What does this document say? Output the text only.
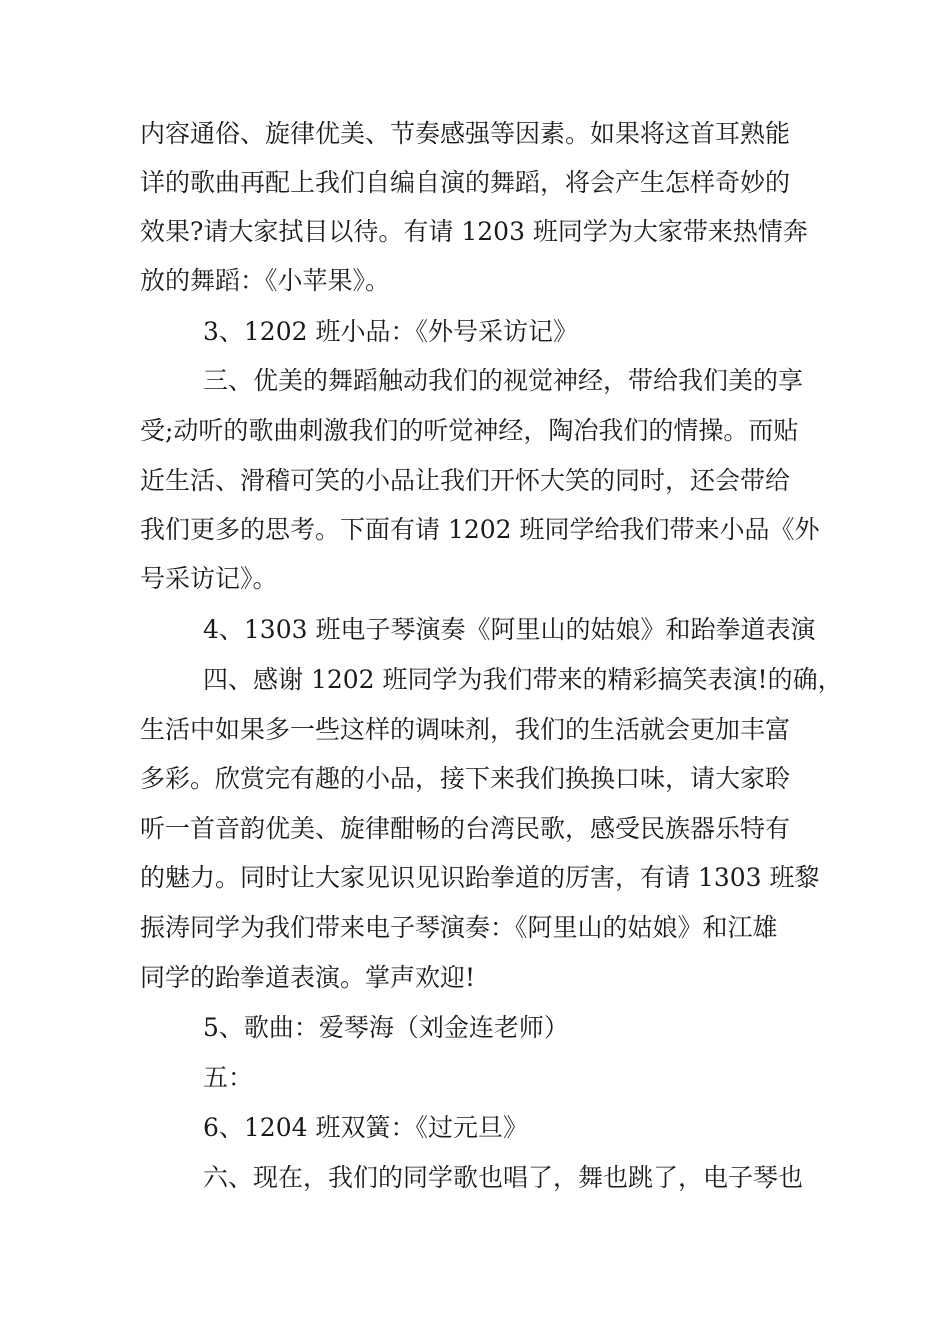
内容通俗、旋律优美、节奏感强等因素。如果将这首耳熟能
详的歌曲再配上我们自编自演的舞蹈，将会产生怎样奇妙的
效果?请大家拭目以待。有请 1203 班同学为大家带来热情奔
放的舞蹈：《小苹果》。
3、1202 班小品：《外号采访记》
三、优美的舞蹈触动我们的视觉神经，带给我们美的享
受;动听的歌曲刺激我们的听觉神经，陶冶我们的情操。而贴
近生活、滑稽可笑的小品让我们开怀大笑的同时，还会带给
我们更多的思考。下面有请 1202 班同学给我们带来小品《外
号采访记》。
4、1303 班电子琴演奏《阿里山的姑娘》和跆拳道表演
四、感谢 1202 班同学为我们带来的精彩搞笑表演!的确，
生活中如果多一些这样的调味剂，我们的生活就会更加丰富
多彩。欣赏完有趣的小品，接下来我们换换口味，请大家聆
听一首音韵优美、旋律酣畅的台湾民歌，感受民族器乐特有
的魅力。同时让大家见识见识跆拳道的厉害，有请 1303 班黎
振涛同学为我们带来电子琴演奏：《阿里山的姑娘》和江雄
同学的跆拳道表演。掌声欢迎!
5、歌曲：爱琴海（刘金连老师）
五：
6、1204 班双簧：《过元旦》
六、现在，我们的同学歌也唱了，舞也跳了，电子琴也
